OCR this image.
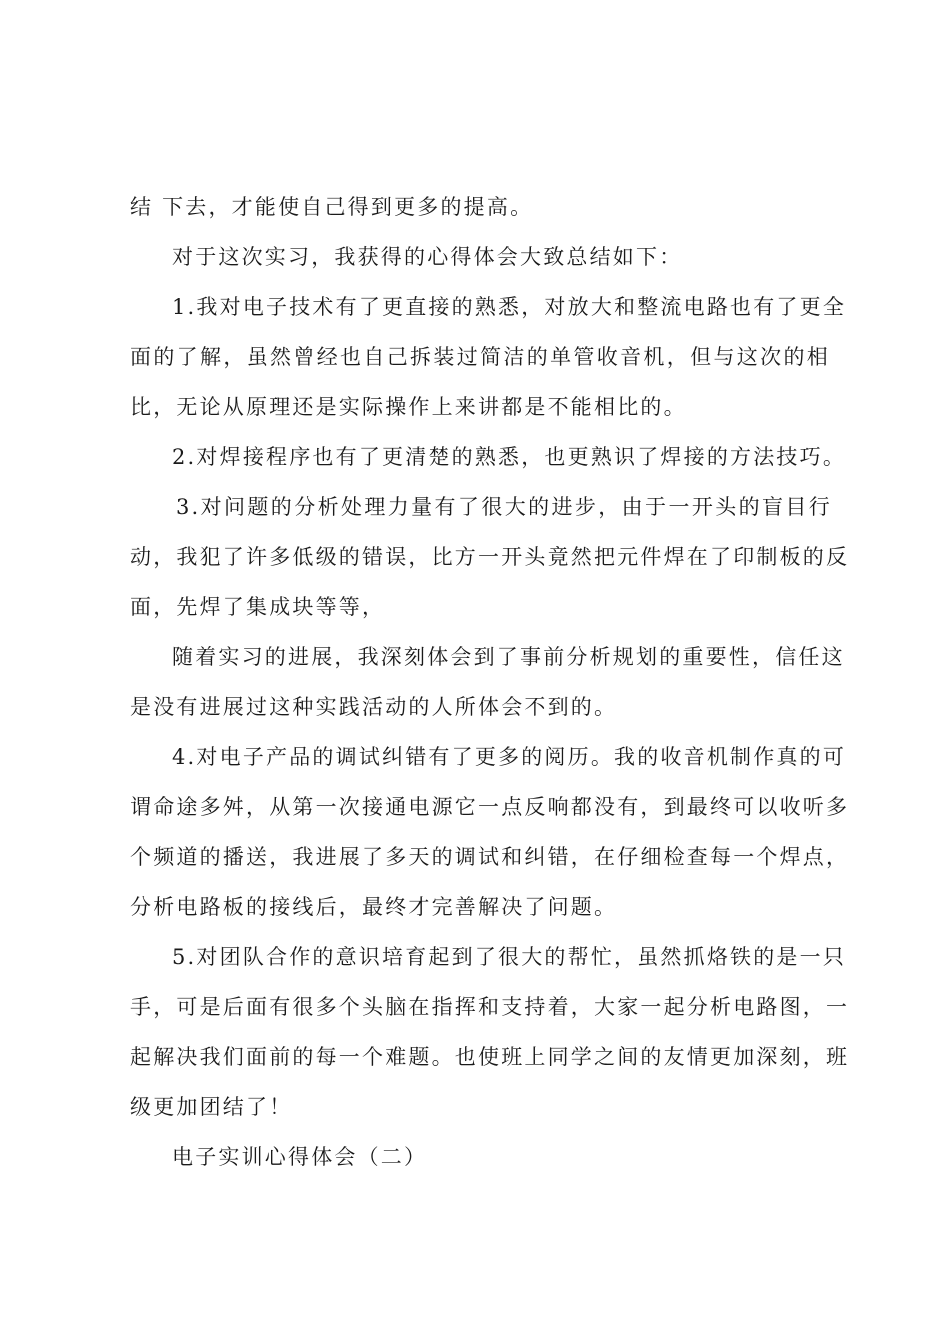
结 下去，才能使自己得到更多的提高。
对于这次实习，我获得的心得体会大致总结如下：
1.我对电子技术有了更直接的熟悉，对放大和整流电路也有了更全
面的了解，虽然曾经也自己拆装过简洁的单管收音机，但与这次的相
比，无论从原理还是实际操作上来讲都是不能相比的。
2.对焊接程序也有了更清楚的熟悉，也更熟识了焊接的方法技巧。
3.对问题的分析处理力量有了很大的进步，由于一开头的盲目行
动，我犯了许多低级的错误，比方一开头竟然把元件焊在了印制板的反
面，先焊了集成块等等，
随着实习的进展，我深刻体会到了事前分析规划的重要性，信任这
是没有进展过这种实践活动的人所体会不到的。
4.对电子产品的调试纠错有了更多的阅历。我的收音机制作真的可
谓命途多舛，从第一次接通电源它一点反响都没有，到最终可以收听多
个频道的播送，我进展了多天的调试和纠错，在仔细检查每一个焊点，
分析电路板的接线后，最终才完善解决了问题。
5.对团队合作的意识培育起到了很大的帮忙，虽然抓烙铁的是一只
手，可是后面有很多个头脑在指挥和支持着，大家一起分析电路图，一
起解决我们面前的每一个难题。也使班上同学之间的友情更加深刻，班
级更加团结了！
电子实训心得体会（二）
